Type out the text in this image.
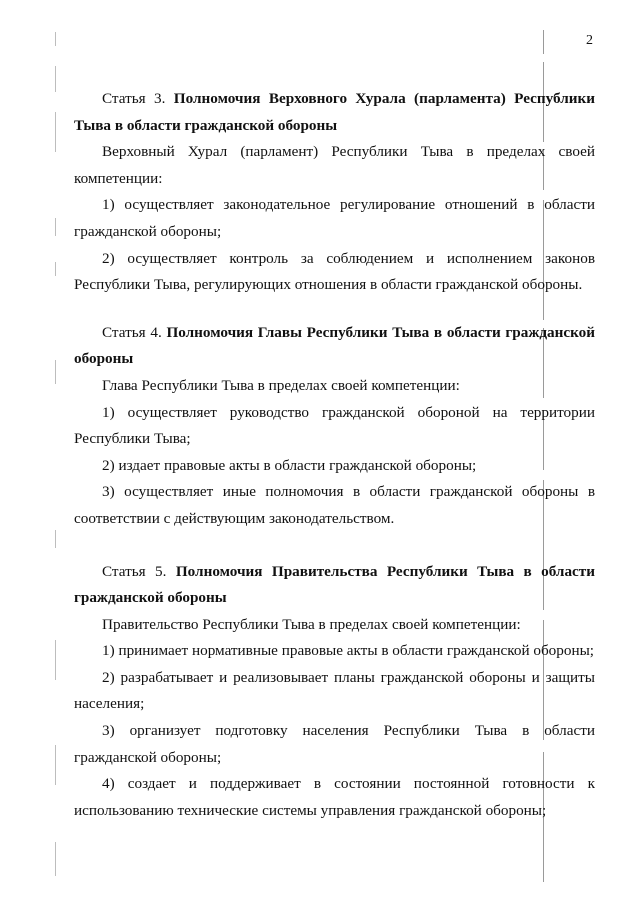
2

Статья 3. Полномочия Верховного Хурала (парламента) Республики Тыва в области гражданской обороны

Верховный Хурал (парламент) Республики Тыва в пределах своей компетенции:

1) осуществляет законодательное регулирование отношений в области гражданской обороны;

2) осуществляет контроль за соблюдением и исполнением законов Республики Тыва, регулирующих отношения в области гражданской обороны.

Статья 4. Полномочия Главы Республики Тыва в области гражданской обороны

Глава Республики Тыва в пределах своей компетенции:

1) осуществляет руководство гражданской обороной на территории Республики Тыва;

2) издает правовые акты в области гражданской обороны;

3) осуществляет иные полномочия в области гражданской обороны в соответствии с действующим законодательством.

Статья 5. Полномочия Правительства Республики Тыва в области гражданской обороны

Правительство Республики Тыва в пределах своей компетенции:

1) принимает нормативные правовые акты в области гражданской обороны;

2) разрабатывает и реализовывает планы гражданской обороны и защиты населения;

3) организует подготовку населения Республики Тыва в области гражданской обороны;

4) создает и поддерживает в состоянии постоянной готовности к использованию технические системы управления гражданской обороны;
